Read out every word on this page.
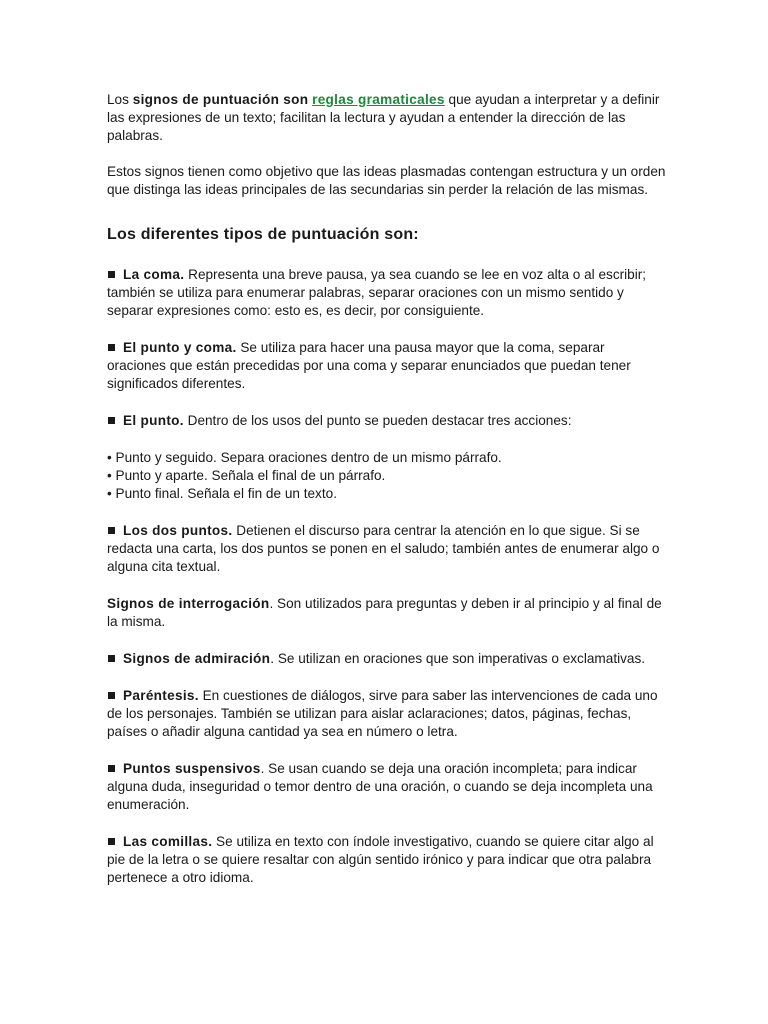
Los signos de puntuación son reglas gramaticales que ayudan a interpretar y a definir las expresiones de un texto; facilitan la lectura y ayudan a entender la dirección de las palabras.

Estos signos tienen como objetivo que las ideas plasmadas contengan estructura y un orden que distinga las ideas principales de las secundarias sin perder la relación de las mismas.

Los diferentes tipos de puntuación son:

La coma. Representa una breve pausa, ya sea cuando se lee en voz alta o al escribir; también se utiliza para enumerar palabras, separar oraciones con un mismo sentido y separar expresiones como: esto es, es decir, por consiguiente.

El punto y coma. Se utiliza para hacer una pausa mayor que la coma, separar oraciones que están precedidas por una coma y separar enunciados que puedan tener significados diferentes.

El punto. Dentro de los usos del punto se pueden destacar tres acciones:

• Punto y seguido. Separa oraciones dentro de un mismo párrafo.
• Punto y aparte. Señala el final de un párrafo.
• Punto final. Señala el fin de un texto.

Los dos puntos. Detienen el discurso para centrar la atención en lo que sigue. Si se redacta una carta, los dos puntos se ponen en el saludo; también antes de enumerar algo o alguna cita textual.

Signos de interrogación. Son utilizados para preguntas y deben ir al principio y al final de la misma.

Signos de admiración. Se utilizan en oraciones que son imperativas o exclamativas.

Paréntesis. En cuestiones de diálogos, sirve para saber las intervenciones de cada uno de los personajes. También se utilizan para aislar aclaraciones; datos, páginas, fechas, países o añadir alguna cantidad ya sea en número o letra.

Puntos suspensivos. Se usan cuando se deja una oración incompleta; para indicar alguna duda, inseguridad o temor dentro de una oración, o cuando se deja incompleta una enumeración.

Las comillas. Se utiliza en texto con índole investigativo, cuando se quiere citar algo al pie de la letra o se quiere resaltar con algún sentido irónico y para indicar que otra palabra pertenece a otro idioma.
